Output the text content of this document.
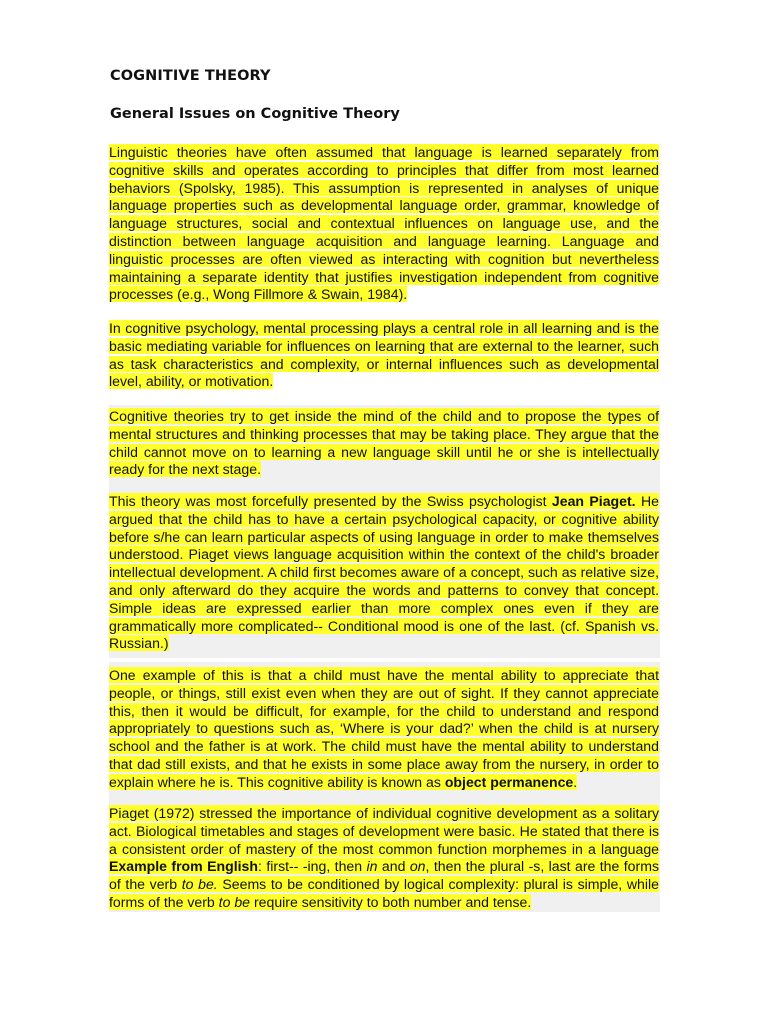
COGNITIVE THEORY
General Issues on Cognitive Theory
Linguistic theories have often assumed that language is learned separately from cognitive skills and operates according to principles that differ from most learned behaviors (Spolsky, 1985). This assumption is represented in analyses of unique language properties such as developmental language order, grammar, knowledge of language structures, social and contextual influences on language use, and the distinction between language acquisition and language learning. Language and linguistic processes are often viewed as interacting with cognition but nevertheless maintaining a separate identity that justifies investigation independent from cognitive processes (e.g., Wong Fillmore & Swain, 1984).
In cognitive psychology, mental processing plays a central role in all learning and is the basic mediating variable for influences on learning that are external to the learner, such as task characteristics and complexity, or internal influences such as developmental level, ability, or motivation.
Cognitive theories try to get inside the mind of the child and to propose the types of mental structures and thinking processes that may be taking place. They argue that the child cannot move on to learning a new language skill until he or she is intellectually ready for the next stage.
This theory was most forcefully presented by the Swiss psychologist Jean Piaget. He argued that the child has to have a certain psychological capacity, or cognitive ability before s/he can learn particular aspects of using language in order to make themselves understood. Piaget views language acquisition within the context of the child's broader intellectual development. A child first becomes aware of a concept, such as relative size, and only afterward do they acquire the words and patterns to convey that concept. Simple ideas are expressed earlier than more complex ones even if they are grammatically more complicated-- Conditional mood is one of the last. (cf. Spanish vs. Russian.)
One example of this is that a child must have the mental ability to appreciate that people, or things, still exist even when they are out of sight. If they cannot appreciate this, then it would be difficult, for example, for the child to understand and respond appropriately to questions such as, ‘Where is your dad?’ when the child is at nursery school and the father is at work. The child must have the mental ability to understand that dad still exists, and that he exists in some place away from the nursery, in order to explain where he is. This cognitive ability is known as object permanence.
Piaget (1972) stressed the importance of individual cognitive development as a solitary act. Biological timetables and stages of development were basic. He stated that there is a consistent order of mastery of the most common function morphemes in a language Example from English: first-- -ing, then in and on, then the plural -s, last are the forms of the verb to be. Seems to be conditioned by logical complexity: plural is simple, while forms of the verb to be require sensitivity to both number and tense.
